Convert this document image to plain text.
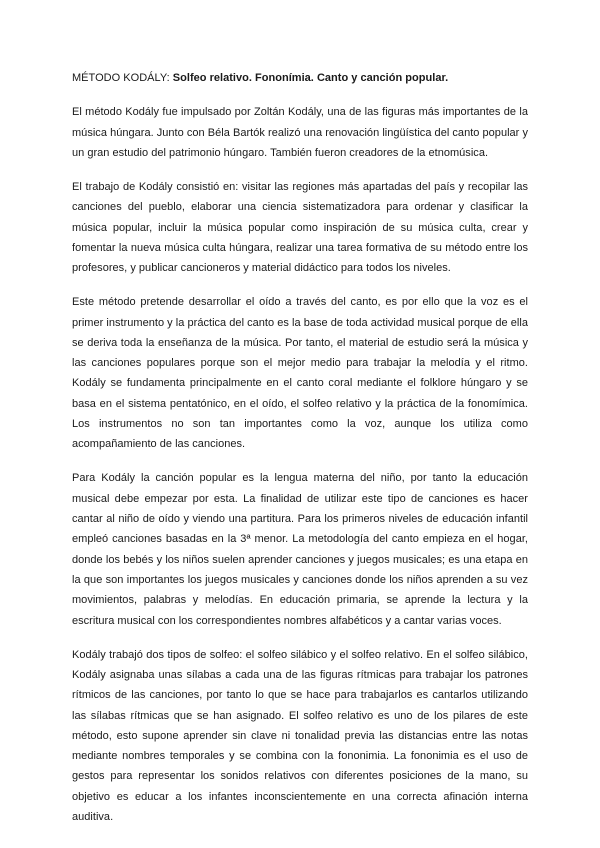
MÉTODO KODÁLY: Solfeo relativo. Fononímia. Canto y canción popular.

El método Kodály fue impulsado por Zoltán Kodály, una de las figuras más importantes de la música húngara. Junto con Béla Bartók realizó una renovación lingüística del canto popular y un gran estudio del patrimonio húngaro. También fueron creadores de la etnomúsica.

El trabajo de Kodály consistió en: visitar las regiones más apartadas del país y recopilar las canciones del pueblo, elaborar una ciencia sistematizadora para ordenar y clasificar la música popular, incluir la música popular como inspiración de su música culta, crear y fomentar la nueva música culta húngara, realizar una tarea formativa de su método entre los profesores, y publicar cancioneros y material didáctico para todos los niveles.

Este método pretende desarrollar el oído a través del canto, es por ello que la voz es el primer instrumento y la práctica del canto es la base de toda actividad musical porque de ella se deriva toda la enseñanza de la música. Por tanto, el material de estudio será la música y las canciones populares porque son el mejor medio para trabajar la melodía y el ritmo. Kodály se fundamenta principalmente en el canto coral mediante el folklore húngaro y se basa en el sistema pentatónico, en el oído, el solfeo relativo y la práctica de la fonomímica. Los instrumentos no son tan importantes como la voz, aunque los utiliza como acompañamiento de las canciones.

Para Kodály la canción popular es la lengua materna del niño, por tanto la educación musical debe empezar por esta. La finalidad de utilizar este tipo de canciones es hacer cantar al niño de oído y viendo una partitura. Para los primeros niveles de educación infantil empleó canciones basadas en la 3ª menor. La metodología del canto empieza en el hogar, donde los bebés y los niños suelen aprender canciones y juegos musicales; es una etapa en la que son importantes los juegos musicales y canciones donde los niños aprenden a su vez movimientos, palabras y melodías. En educación primaria, se aprende la lectura y la escritura musical con los correspondientes nombres alfabéticos y a cantar varias voces.

Kodály trabajó dos tipos de solfeo: el solfeo silábico y el solfeo relativo. En el solfeo silábico, Kodály asignaba unas sílabas a cada una de las figuras rítmicas para trabajar los patrones rítmicos de las canciones, por tanto lo que se hace para trabajarlos es cantarlos utilizando las sílabas rítmicas que se han asignado. El solfeo relativo es uno de los pilares de este método, esto supone aprender sin clave ni tonalidad previa las distancias entre las notas mediante nombres temporales y se combina con la fononimia. La fononimia es el uso de gestos para representar los sonidos relativos con diferentes posiciones de la mano, su objetivo es educar a los infantes inconscientemente en una correcta afinación interna auditiva.
